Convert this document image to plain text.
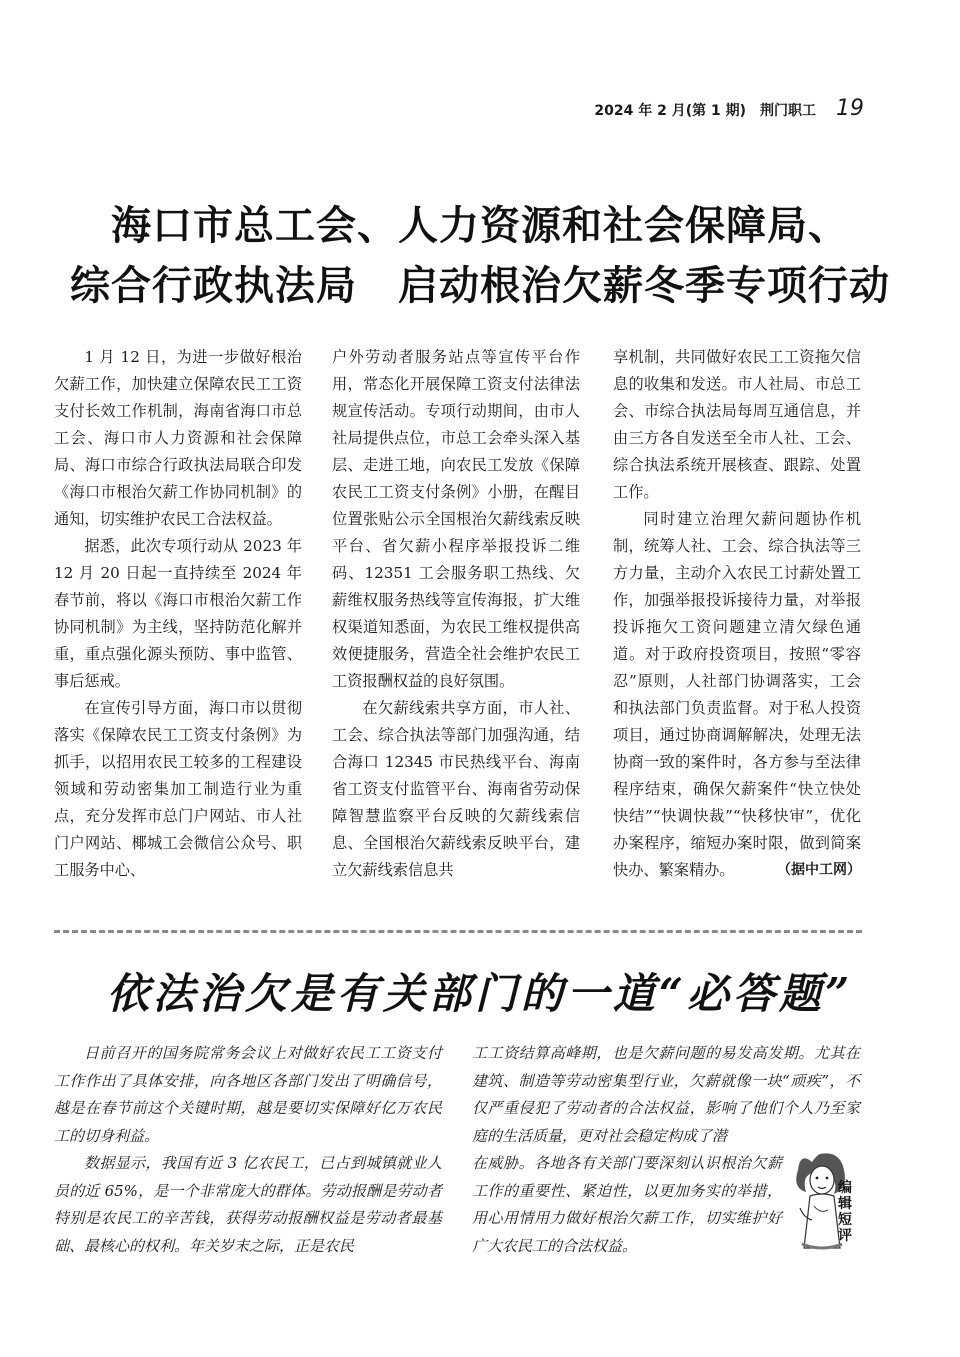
2024 年 2 月(第 1 期) 荆门职工 19
海口市总工会、人力资源和社会保障局、
综合行政执法局　启动根治欠薪冬季专项行动

1 月 12 日，为进一步做好根治欠薪工作，加快建立保障农民工工资支付长效工作机制，海南省海口市总工会、海口市人力资源和社会保障局、海口市综合行政执法局联合印发《海口市根治欠薪工作协同机制》的通知，切实维护农民工合法权益。

据悉，此次专项行动从 2023 年 12 月 20 日起一直持续至 2024 年春节前，将以《海口市根治欠薪工作协同机制》为主线，坚持防范化解并重，重点强化源头预防、事中监管、事后惩戒。

在宣传引导方面，海口市以贯彻落实《保障农民工工资支付条例》为抓手，以招用农民工较多的工程建设领域和劳动密集加工制造行业为重点，充分发挥市总门户网站、市人社门户网站、椰城工会微信公众号、职工服务中心、

户外劳动者服务站点等宣传平台作用，常态化开展保障工资支付法律法规宣传活动。专项行动期间，由市人社局提供点位，市总工会牵头深入基层、走进工地，向农民工发放《保障农民工工资支付条例》小册，在醒目位置张贴公示全国根治欠薪线索反映平台、省欠薪小程序举报投诉二维码、12351 工会服务职工热线、欠薪维权服务热线等宣传海报，扩大维权渠道知悉面，为农民工维权提供高效便捷服务，营造全社会维护农民工工资报酬权益的良好氛围。

在欠薪线索共享方面，市人社、工会、综合执法等部门加强沟通，结合海口 12345 市民热线平台、海南省工资支付监管平台、海南省劳动保障智慧监察平台反映的欠薪线索信息、全国根治欠薪线索反映平台，建立欠薪线索信息共

享机制，共同做好农民工工资拖欠信息的收集和发送。市人社局、市总工会、市综合执法局每周互通信息，并由三方各自发送至全市人社、工会、综合执法系统开展核查、跟踪、处置工作。

同时建立治理欠薪问题协作机制，统筹人社、工会、综合执法等三方力量，主动介入农民工讨薪处置工作，加强举报投诉接待力量，对举报投诉拖欠工资问题建立清欠绿色通道。对于政府投资项目，按照“零容忍”原则，人社部门协调落实，工会和执法部门负责监督。对于私人投资项目，通过协商调解解决，处理无法协商一致的案件时，各方参与至法律程序结束，确保欠薪案件“快立快处快结”“快调快裁”“快移快审”，优化办案程序，缩短办案时限，做到简案快办、繁案精办。	（据中工网）

依法治欠是有关部门的一道“必答题”

日前召开的国务院常务会议上对做好农民工工资支付工作作出了具体安排，向各地区各部门发出了明确信号，越是在春节前这个关键时期，越是要切实保障好亿万农民工的切身利益。

数据显示，我国有近 3 亿农民工，已占到城镇就业人员的近 65%，是一个非常庞大的群体。劳动报酬是劳动者特别是农民工的辛苦钱，获得劳动报酬权益是劳动者最基础、最核心的权利。年关岁末之际，正是农民

工工资结算高峰期，也是欠薪问题的易发高发期。尤其在建筑、制造等劳动密集型行业，欠薪就像一块“顽疾”，不仅严重侵犯了劳动者的合法权益，影响了他们个人乃至家庭的生活质量，更对社会稳定构成了潜

在威胁。各地各有关部门要深刻认识根治欠薪工作的重要性、紧迫性，以更加务实的举措，用心用情用力做好根治欠薪工作，切实维护好广大农民工的合法权益。

编辑短评
